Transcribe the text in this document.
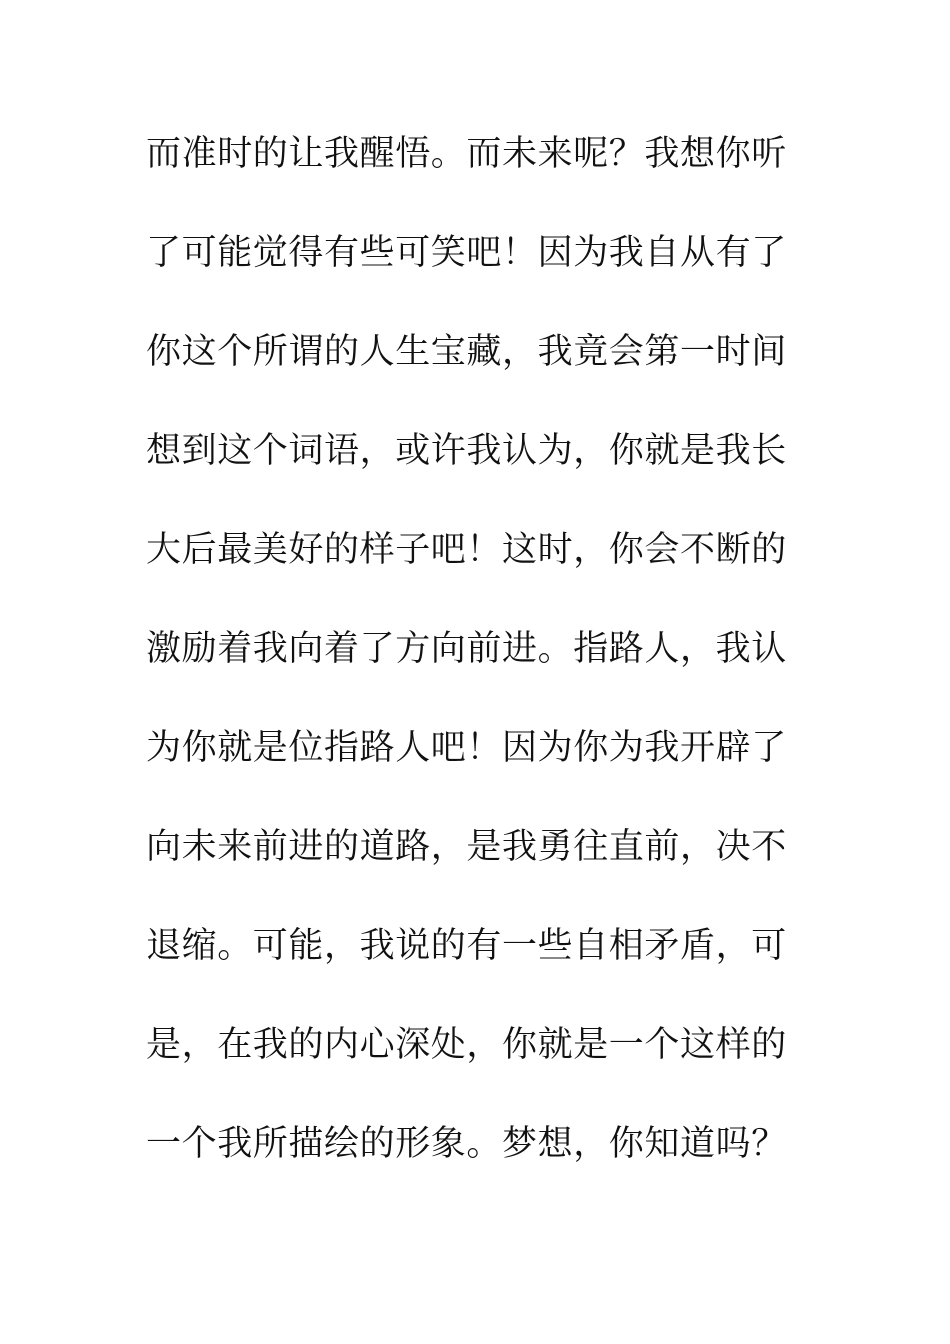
而准时的让我醒悟。而未来呢？我想你听
了可能觉得有些可笑吧！因为我自从有了
你这个所谓的人生宝藏，我竟会第一时间
想到这个词语，或许我认为，你就是我长
大后最美好的样子吧！这时，你会不断的
激励着我向着了方向前进。指路人，我认
为你就是位指路人吧！因为你为我开辟了
向未来前进的道路，是我勇往直前，决不
退缩。可能，我说的有一些自相矛盾，可
是，在我的内心深处，你就是一个这样的
一个我所描绘的形象。梦想，你知道吗？
